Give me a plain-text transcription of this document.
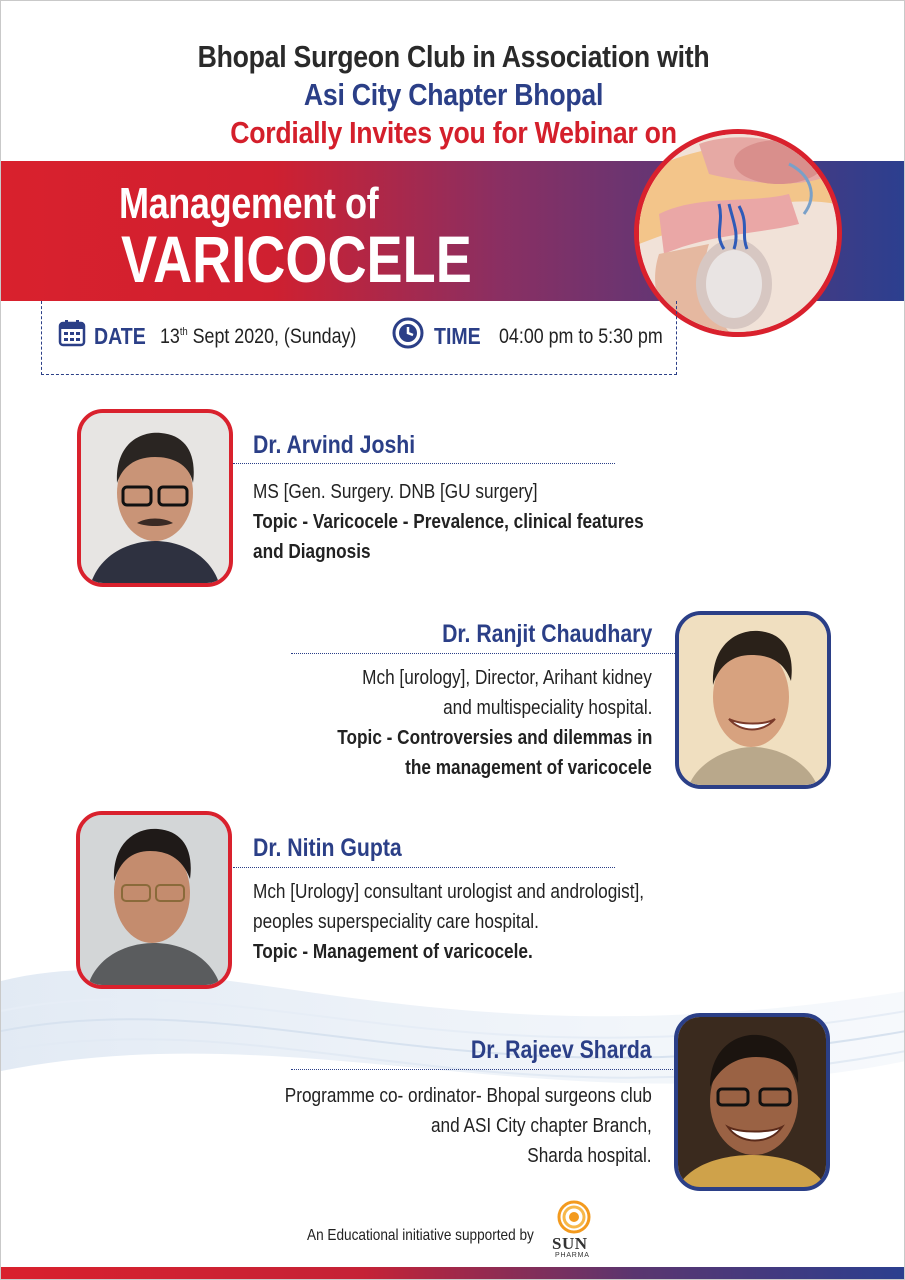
Bhopal Surgeon Club in Association with
Asi City Chapter Bhopal
Cordially Invites you for Webinar on
Management of
VARICOCELE
DATE 13th Sept 2020, (Sunday)	TIME 04:00 pm to 5:30 pm
Dr. Arvind Joshi
MS [Gen. Surgery. DNB [GU surgery]
Topic - Varicocele - Prevalence, clinical features
and Diagnosis
Dr. Ranjit Chaudhary
Mch [urology], Director, Arihant kidney
and multispeciality hospital.
Topic - Controversies and dilemmas in
the management of varicocele
Dr. Nitin Gupta
Mch [Urology] consultant urologist and andrologist],
peoples superspeciality care hospital.
Topic - Management of varicocele.
Dr. Rajeev Sharda
Programme co- ordinator- Bhopal surgeons club
and ASI City chapter Branch,
Sharda hospital.
An Educational initiative supported by SUN
PHARMA
